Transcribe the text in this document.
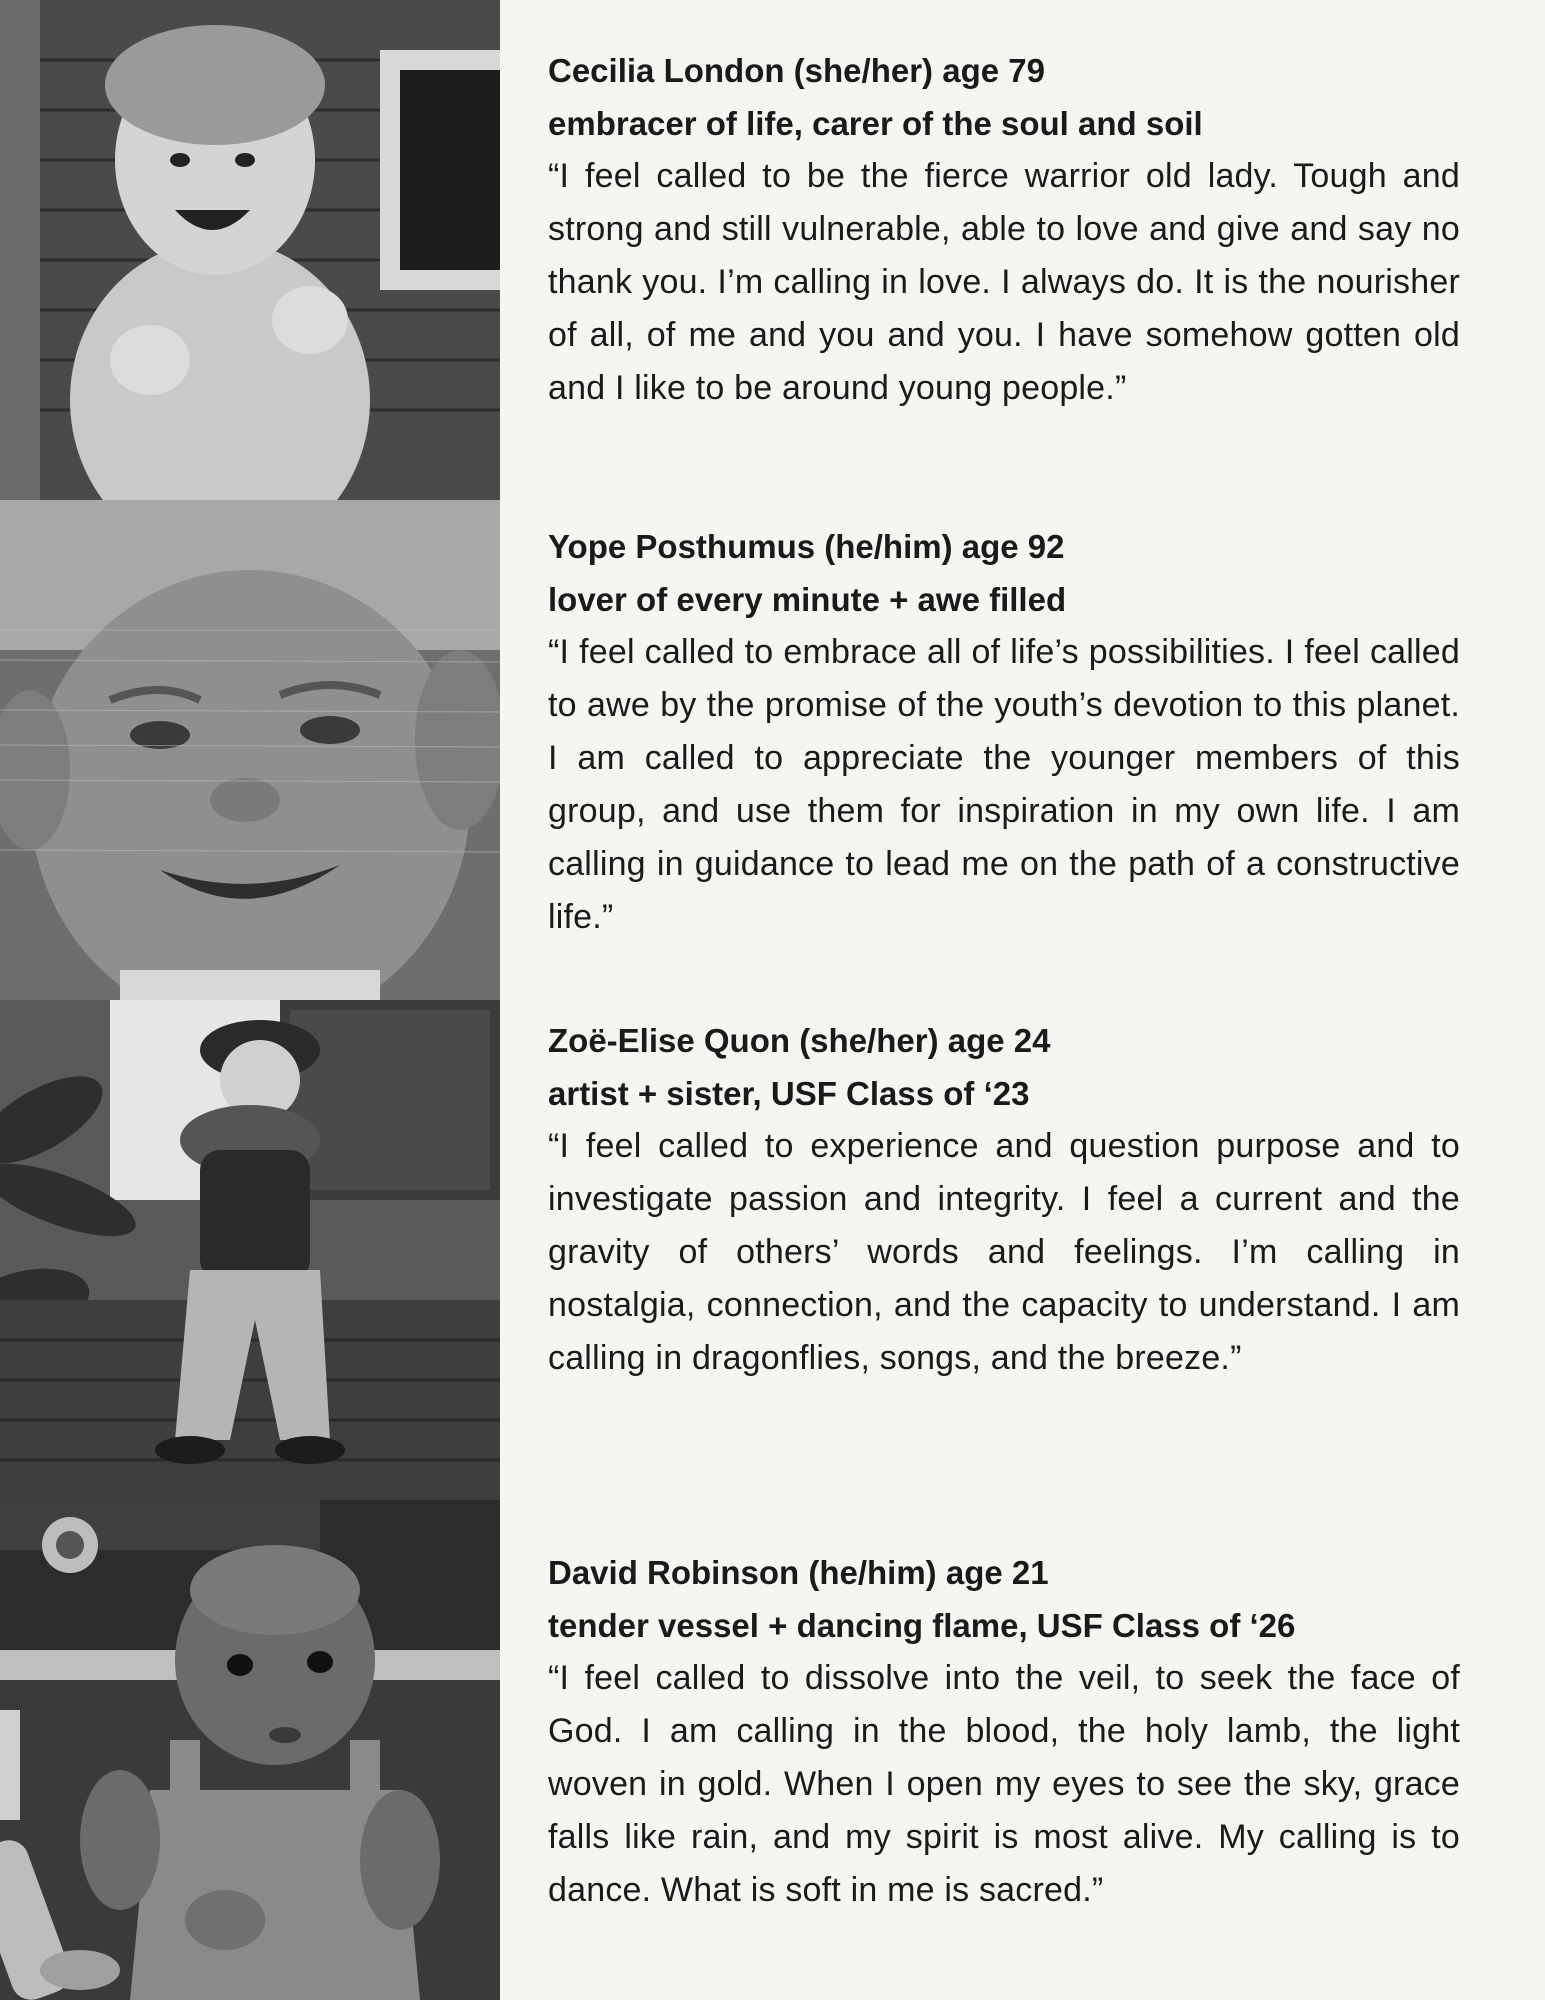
Cecilia London (she/her) age 79

embracer of life, carer of the soul and soil

“I feel called to be the fierce warrior old lady. Tough and strong and still vulnerable, able to love and give and say no thank you. I’m calling in love. I always do. It is the nourisher of all, of me and you and you. I have somehow gotten old and I like to be around young people.”

Yope Posthumus (he/him) age 92

lover of every minute + awe filled

“I feel called to embrace all of life’s possibilities. I feel called to awe by the promise of the youth’s devotion to this planet. I am called to appreciate the younger members of this group, and use them for inspiration in my own life. I am calling in guidance to lead me on the path of a constructive life.”

Zoë-Elise Quon (she/her) age 24

artist + sister, USF Class of ‘23

“I feel called to experience and question purpose and to investigate passion and integrity. I feel a current and the gravity of others’ words and feelings. I’m calling in nostalgia, connection, and the capacity to understand. I am calling in dragonflies, songs, and the breeze.”

David Robinson (he/him) age 21

tender vessel + dancing flame, USF Class of ‘26

“I feel called to dissolve into the veil, to seek the face of God. I am calling in the blood, the holy lamb, the light woven in gold. When I open my eyes to see the sky, grace falls like rain, and my spirit is most alive. My calling is to dance. What is soft in me is sacred.”
